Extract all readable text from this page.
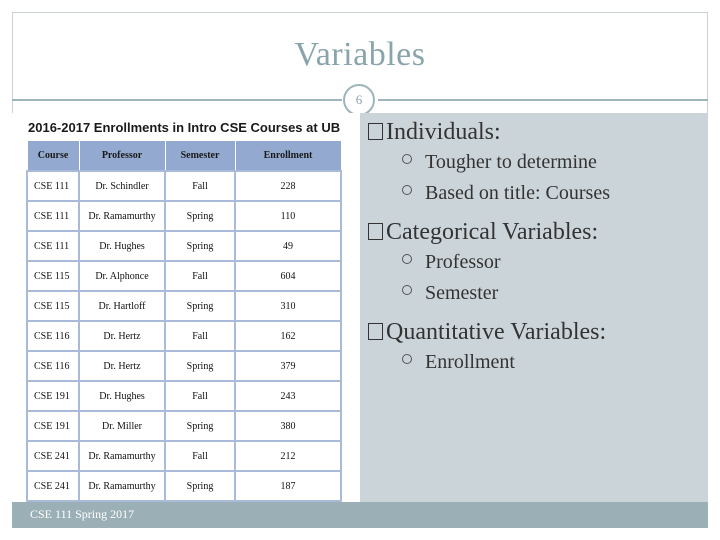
Variables
6
2016-2017 Enrollments in Intro CSE Courses at UB
Course	Professor	Semester	Enrollment
CSE 111	Dr. Schindler	Fall	228
CSE 111	Dr. Ramamurthy	Spring	110
CSE 111	Dr. Hughes	Spring	49
CSE 115	Dr. Alphonce	Fall	604
CSE 115	Dr. Hartloff	Spring	310
CSE 116	Dr. Hertz	Fall	162
CSE 116	Dr. Hertz	Spring	379
CSE 191	Dr. Hughes	Fall	243
CSE 191	Dr. Miller	Spring	380
CSE 241	Dr. Ramamurthy	Fall	212
CSE 241	Dr. Ramamurthy	Spring	187
Individuals:
Tougher to determine
Based on title: Courses
Categorical Variables:
Professor
Semester
Quantitative Variables:
Enrollment
CSE 111 Spring 2017
